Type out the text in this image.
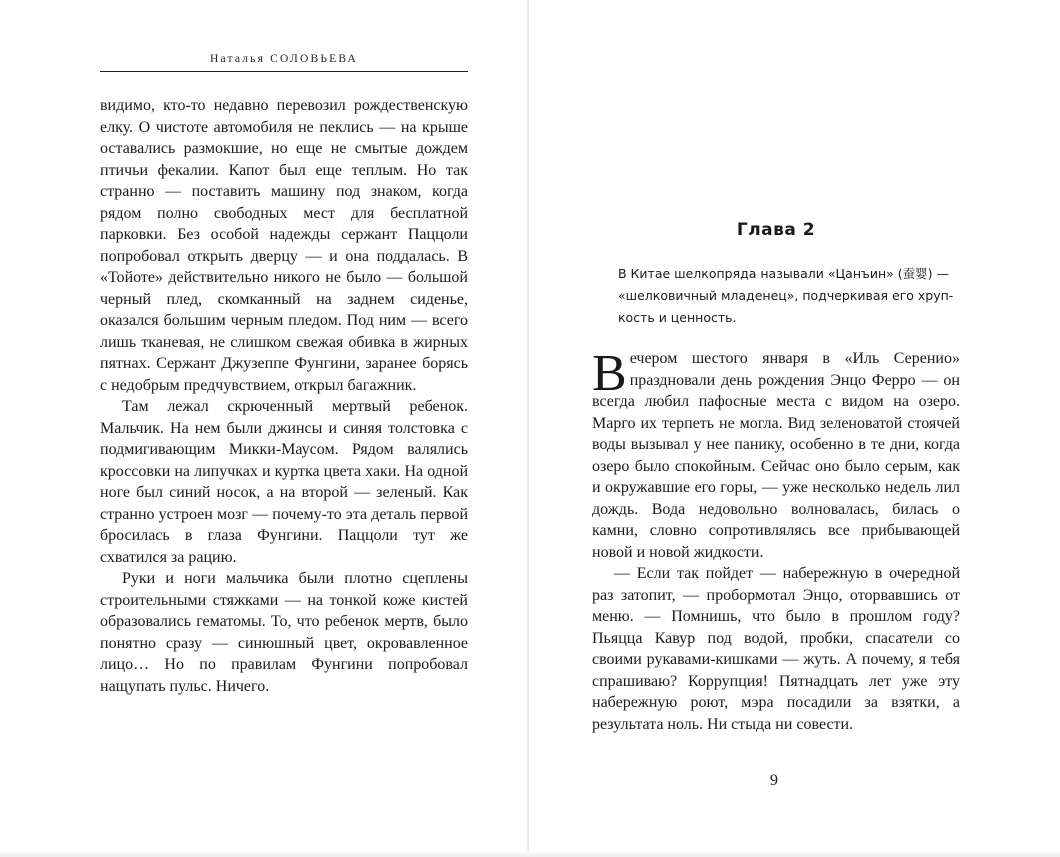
Наталья СОЛОВЬЕВА

видимо, кто-то недавно перевозил рождественскую елку. О чистоте автомобиля не пеклись — на крыше оставались размокшие, но еще не смытые дождем птичьи фекалии. Капот был еще теплым. Но так странно — поставить машину под знаком, когда рядом полно свободных мест для бесплатной парковки. Без особой надежды сержант Паццоли попробовал открыть дверцу — и она поддалась. В «Тойоте» действительно никого не было — большой черный плед, скомканный на заднем сиденье, оказался большим черным пледом. Под ним — всего лишь тканевая, не слишком свежая обивка в жирных пятнах. Сержант Джузеппе Фунгини, заранее борясь с недобрым предчувствием, открыл багажник.

Там лежал скрюченный мертвый ребенок. Мальчик. На нем были джинсы и синяя толстовка с подмигивающим Микки-Маусом. Рядом валялись кроссовки на липучках и куртка цвета хаки. На одной ноге был синий носок, а на второй — зеленый. Как странно устроен мозг — почему-то эта деталь первой бросилась в глаза Фунгини. Паццоли тут же схватился за рацию.

Руки и ноги мальчика были плотно сцеплены строительными стяжками — на тонкой коже кистей образовались гематомы. То, что ребенок мертв, было понятно сразу — синюшный цвет, окровавленное лицо… Но по правилам Фунгини попробовал нащупать пульс. Ничего.

Глава 2
В Китае шелкопряда называли «Цанъин» (蚕婴) —
«шелковичный младенец», подчеркивая его хруп-
кость и ценность.

Вечером шестого января в «Иль Серенио» праздновали день рождения Энцо Ферро — он всегда любил пафосные места с видом на озеро. Марго их терпеть не могла. Вид зеленоватой стоячей воды вызывал у нее панику, особенно в те дни, когда озеро было спокойным. Сейчас оно было серым, как и окружавшие его горы, — уже несколько недель лил дождь. Вода недовольно волновалась, билась о камни, словно сопротивлялясь все прибывающей новой и новой жидкости.

— Если так пойдет — набережную в очередной раз затопит, — пробормотал Энцо, оторвавшись от меню. — Помнишь, что было в прошлом году? Пьяцца Кавур под водой, пробки, спасатели со своими рукавами-кишками — жуть. А почему, я тебя спрашиваю? Коррупция! Пятнадцать лет уже эту набережную роют, мэра посадили за взятки, а результата ноль. Ни стыда ни совести.

9
